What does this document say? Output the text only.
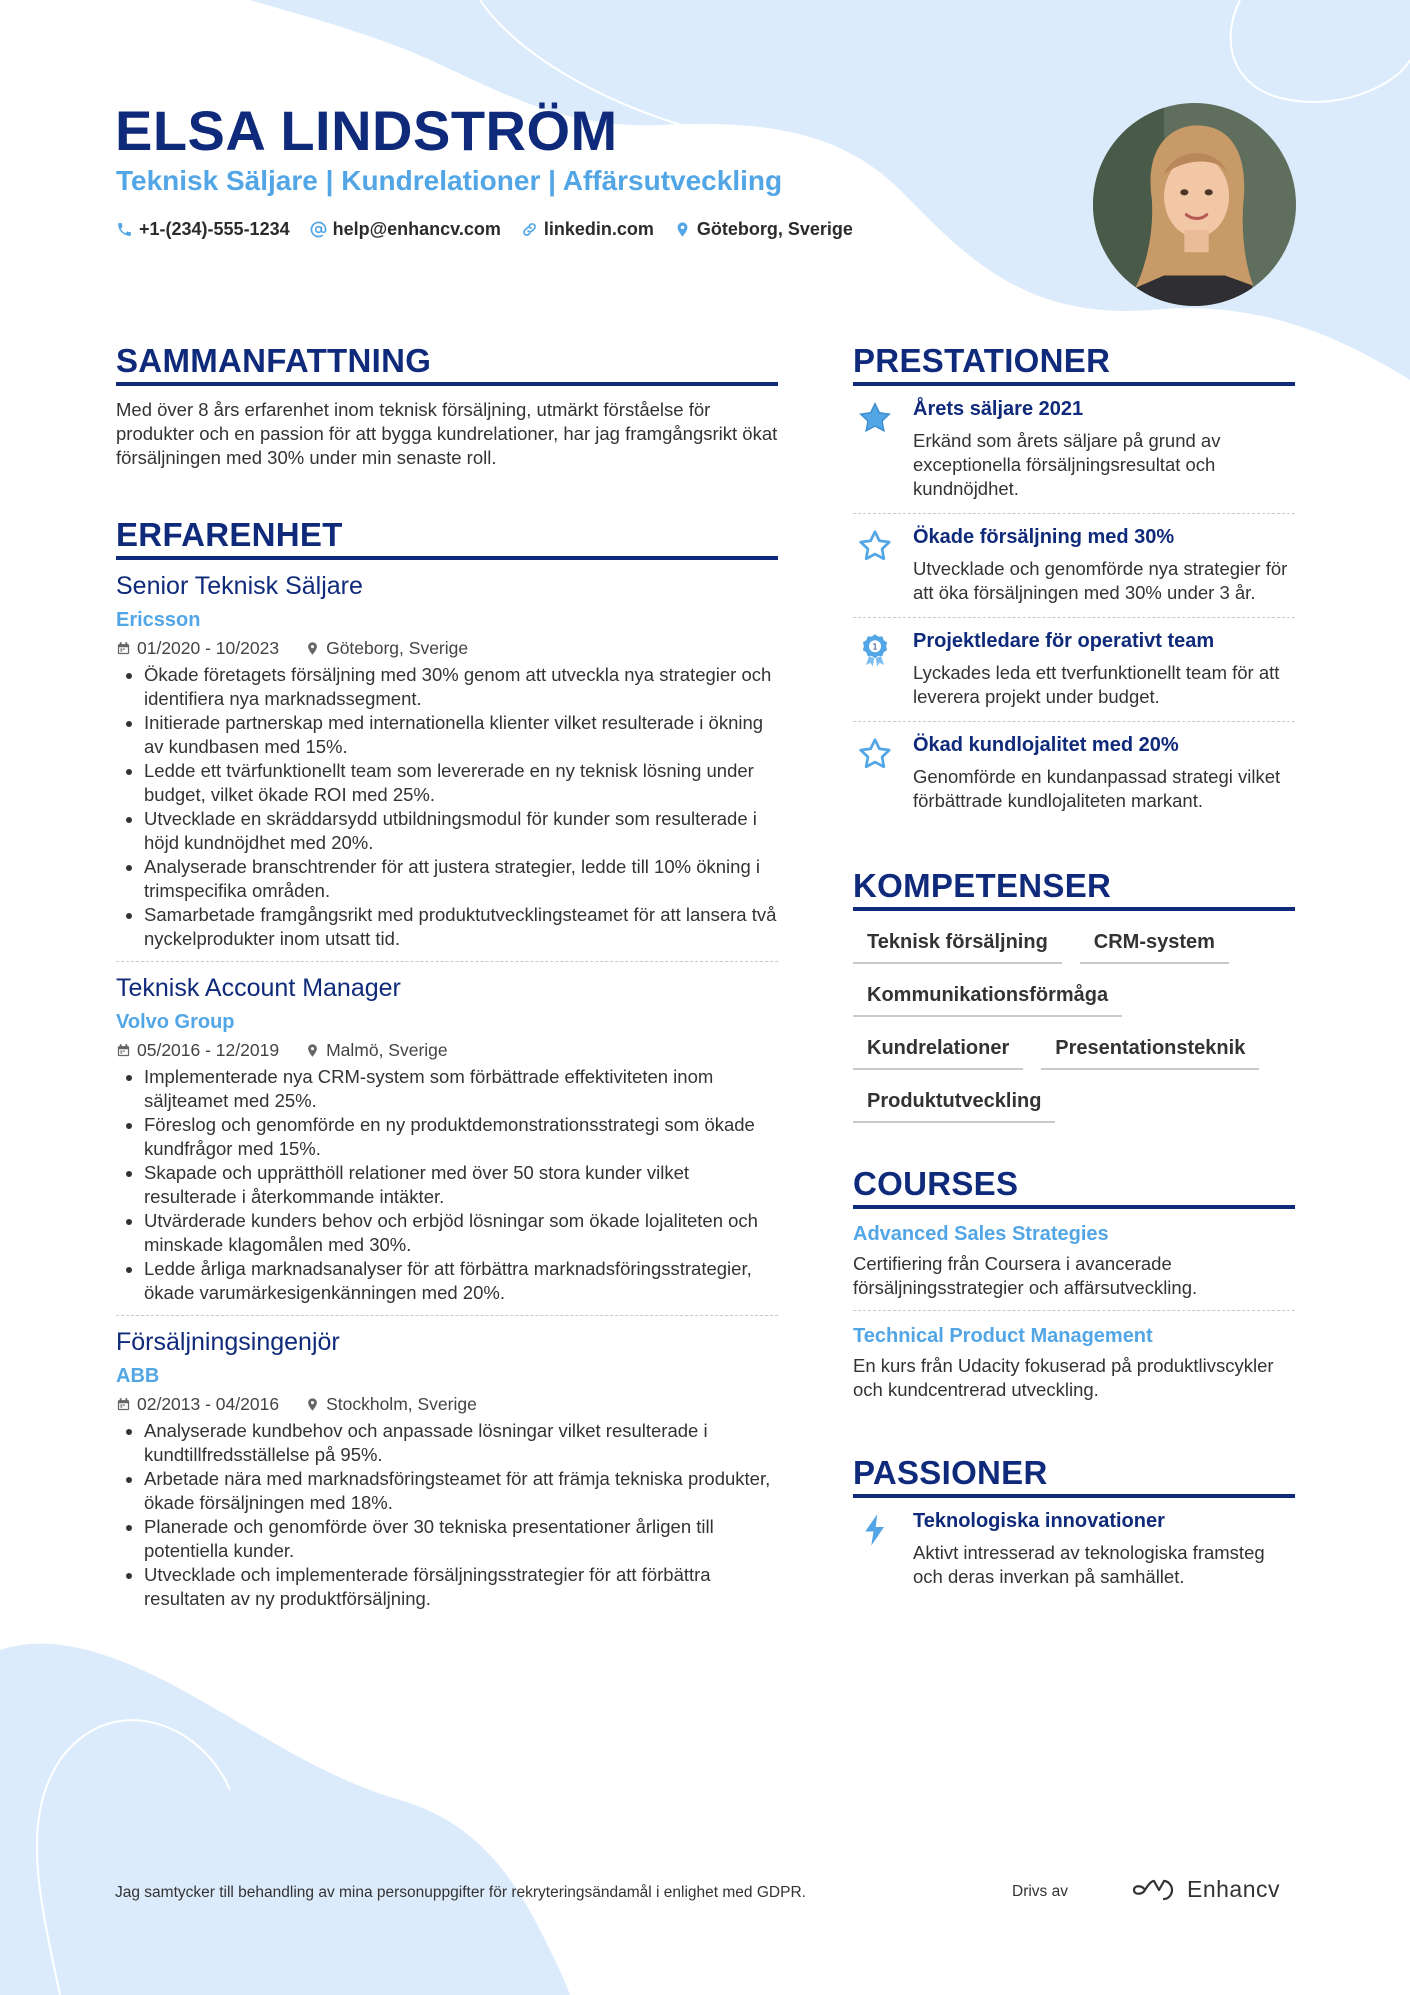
ELSA LINDSTRÖM
Teknisk Säljare | Kundrelationer | Affärsutveckling
+1-(234)-555-1234 help@enhancv.com linkedin.com Göteborg, Sverige
SAMMANFATTNING

Med över 8 års erfarenhet inom teknisk försäljning, utmärkt förståelse för produkter och en passion för att bygga kundrelationer, har jag framgångsrikt ökat försäljningen med 30% under min senaste roll.

ERFARENHET
Senior Teknisk Säljare
Ericsson
01/2020 - 10/2023	Göteborg, Sverige
• Ökade företagets försäljning med 30% genom att utveckla nya strategier och identifiera nya marknadssegment.
• Initierade partnerskap med internationella klienter vilket resulterade i ökning av kundbasen med 15%.
• Ledde ett tvärfunktionellt team som levererade en ny teknisk lösning under budget, vilket ökade ROI med 25%.
• Utvecklade en skräddarsydd utbildningsmodul för kunder som resulterade i höjd kundnöjdhet med 20%.
• Analyserade branschtrender för att justera strategier, ledde till 10% ökning i trimspecifika områden.
• Samarbetade framgångsrikt med produktutvecklingsteamet för att lansera två nyckelprodukter inom utsatt tid.
Teknisk Account Manager
Volvo Group
05/2016 - 12/2019	Malmö, Sverige
• Implementerade nya CRM-system som förbättrade effektiviteten inom säljteamet med 25%.
• Föreslog och genomförde en ny produktdemonstrationsstrategi som ökade kundfrågor med 15%.
• Skapade och upprätthöll relationer med över 50 stora kunder vilket resulterade i återkommande intäkter.
• Utvärderade kunders behov och erbjöd lösningar som ökade lojaliteten och minskade klagomålen med 30%.
• Ledde årliga marknadsanalyser för att förbättra marknadsföringsstrategier, ökade varumärkesigenkänningen med 20%.
Försäljningsingenjör
ABB
02/2013 - 04/2016	Stockholm, Sverige
• Analyserade kundbehov och anpassade lösningar vilket resulterade i kundtillfredsställelse på 95%.
• Arbetade nära med marknadsföringsteamet för att främja tekniska produkter, ökade försäljningen med 18%.
• Planerade och genomförde över 30 tekniska presentationer årligen till potentiella kunder.
• Utvecklade och implementerade försäljningsstrategier för att förbättra resultaten av ny produktförsäljning.
PRESTATIONER
Årets säljare 2021
Erkänd som årets säljare på grund av exceptionella försäljningsresultat och kundnöjdhet.
Ökade försäljning med 30%
Utvecklade och genomförde nya strategier för att öka försäljningen med 30% under 3 år.
1 Projektledare för operativt team
Lyckades leda ett tverfunktionellt team för att leverera projekt under budget.
Ökad kundlojalitet med 20%
Genomförde en kundanpassad strategi vilket förbättrade kundlojaliteten markant.
KOMPETENSER
Teknisk försäljning	CRM-system
Kommunikationsförmåga
Kundrelationer	Presentationsteknik
Produktutveckling
COURSES
Advanced Sales Strategies
Certifiering från Coursera i avancerade försäljningsstrategier och affärsutveckling.
Technical Product Management
En kurs från Udacity fokuserad på produktlivscykler och kundcentrerad utveckling.
PASSIONER
Teknologiska innovationer
Aktivt intresserad av teknologiska framsteg och deras inverkan på samhället.
Jag samtycker till behandling av mina personuppgifter för rekryteringsändamål i enlighet med GDPR.	Drivs av	Enhancv
